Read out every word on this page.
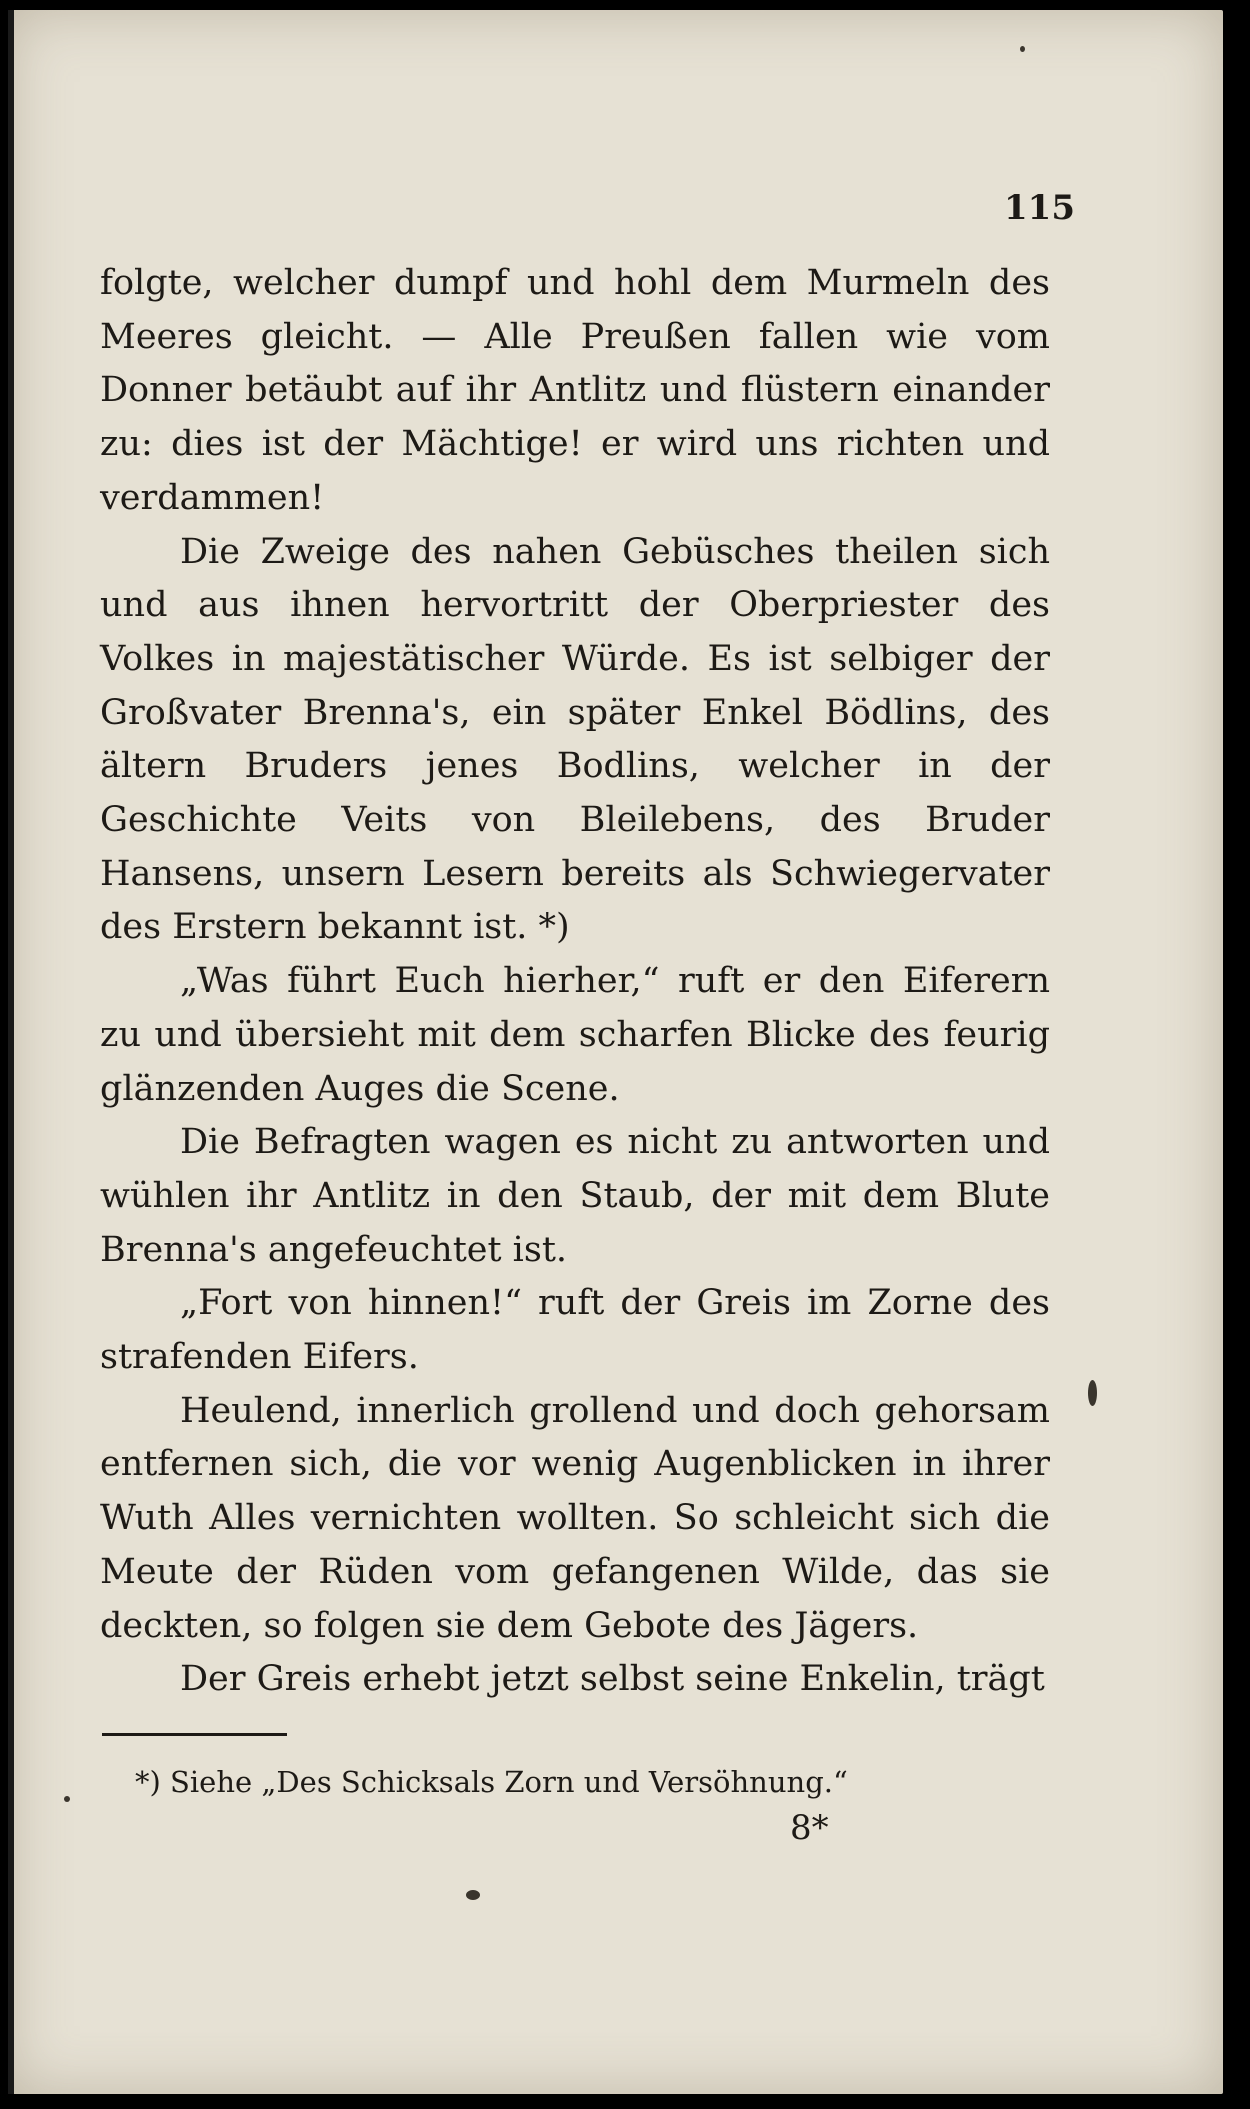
115

folgte, welcher dumpf und hohl dem Murmeln des Meeres gleicht. — Alle Preußen fallen wie vom Donner betäubt auf ihr Antlitz und flüstern einander zu: dies ist der Mächtige! er wird uns richten und verdammen!

Die Zweige des nahen Gebüsches theilen sich und aus ihnen hervortritt der Oberpriester des Volkes in majestätischer Würde. Es ist selbiger der Großvater Brenna's, ein später Enkel Bödlins, des ältern Bruders jenes Bodlins, welcher in der Geschichte Veits von Bleilebens, des Bruder Hansens, unsern Lesern bereits als Schwiegervater des Erstern bekannt ist. *)

„Was führt Euch hierher,“ ruft er den Eiferern zu und übersieht mit dem scharfen Blicke des feurig glänzenden Auges die Scene.

Die Befragten wagen es nicht zu antworten und wühlen ihr Antlitz in den Staub, der mit dem Blute Brenna's angefeuchtet ist.

„Fort von hinnen!“ ruft der Greis im Zorne des strafenden Eifers.

Heulend, innerlich grollend und doch gehorsam entfernen sich, die vor wenig Augenblicken in ihrer Wuth Alles vernichten wollten. So schleicht sich die Meute der Rüden vom gefangenen Wilde, das sie deckten, so folgen sie dem Gebote des Jägers.

Der Greis erhebt jetzt selbst seine Enkelin, trägt

*) Siehe „Des Schicksals Zorn und Versöhnung.“
8*
